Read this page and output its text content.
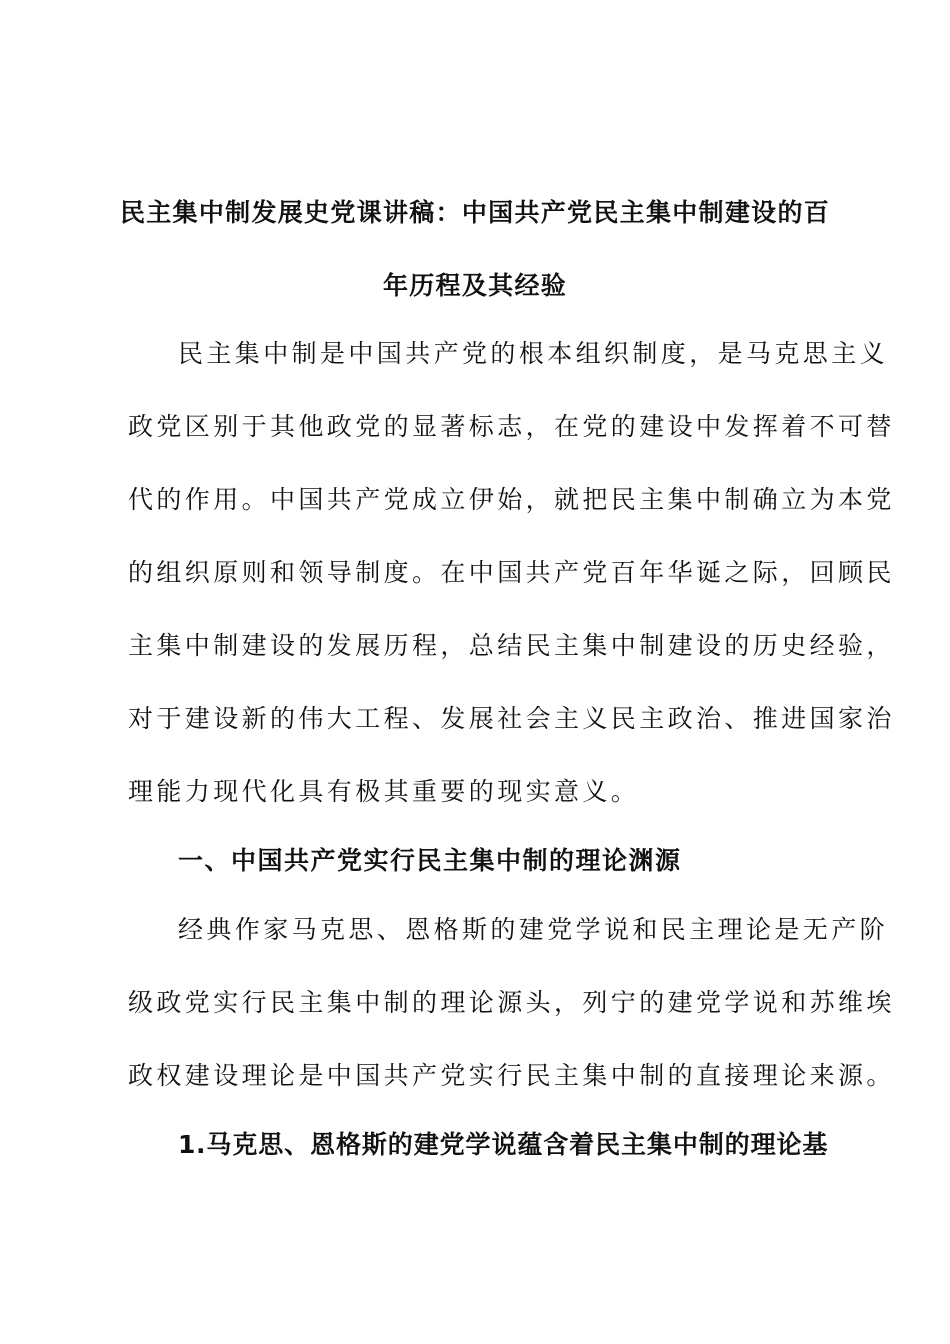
民主集中制发展史党课讲稿：中国共产党民主集中制建设的百
年历程及其经验
民主集中制是中国共产党的根本组织制度，是马克思主义
政党区别于其他政党的显著标志，在党的建设中发挥着不可替
代的作用。中国共产党成立伊始，就把民主集中制确立为本党
的组织原则和领导制度。在中国共产党百年华诞之际，回顾民
主集中制建设的发展历程，总结民主集中制建设的历史经验，
对于建设新的伟大工程、发展社会主义民主政治、推进国家治
理能力现代化具有极其重要的现实意义。
一、中国共产党实行民主集中制的理论渊源
经典作家马克思、恩格斯的建党学说和民主理论是无产阶
级政党实行民主集中制的理论源头，列宁的建党学说和苏维埃
政权建设理论是中国共产党实行民主集中制的直接理论来源。
1.马克思、恩格斯的建党学说蕴含着民主集中制的理论基
